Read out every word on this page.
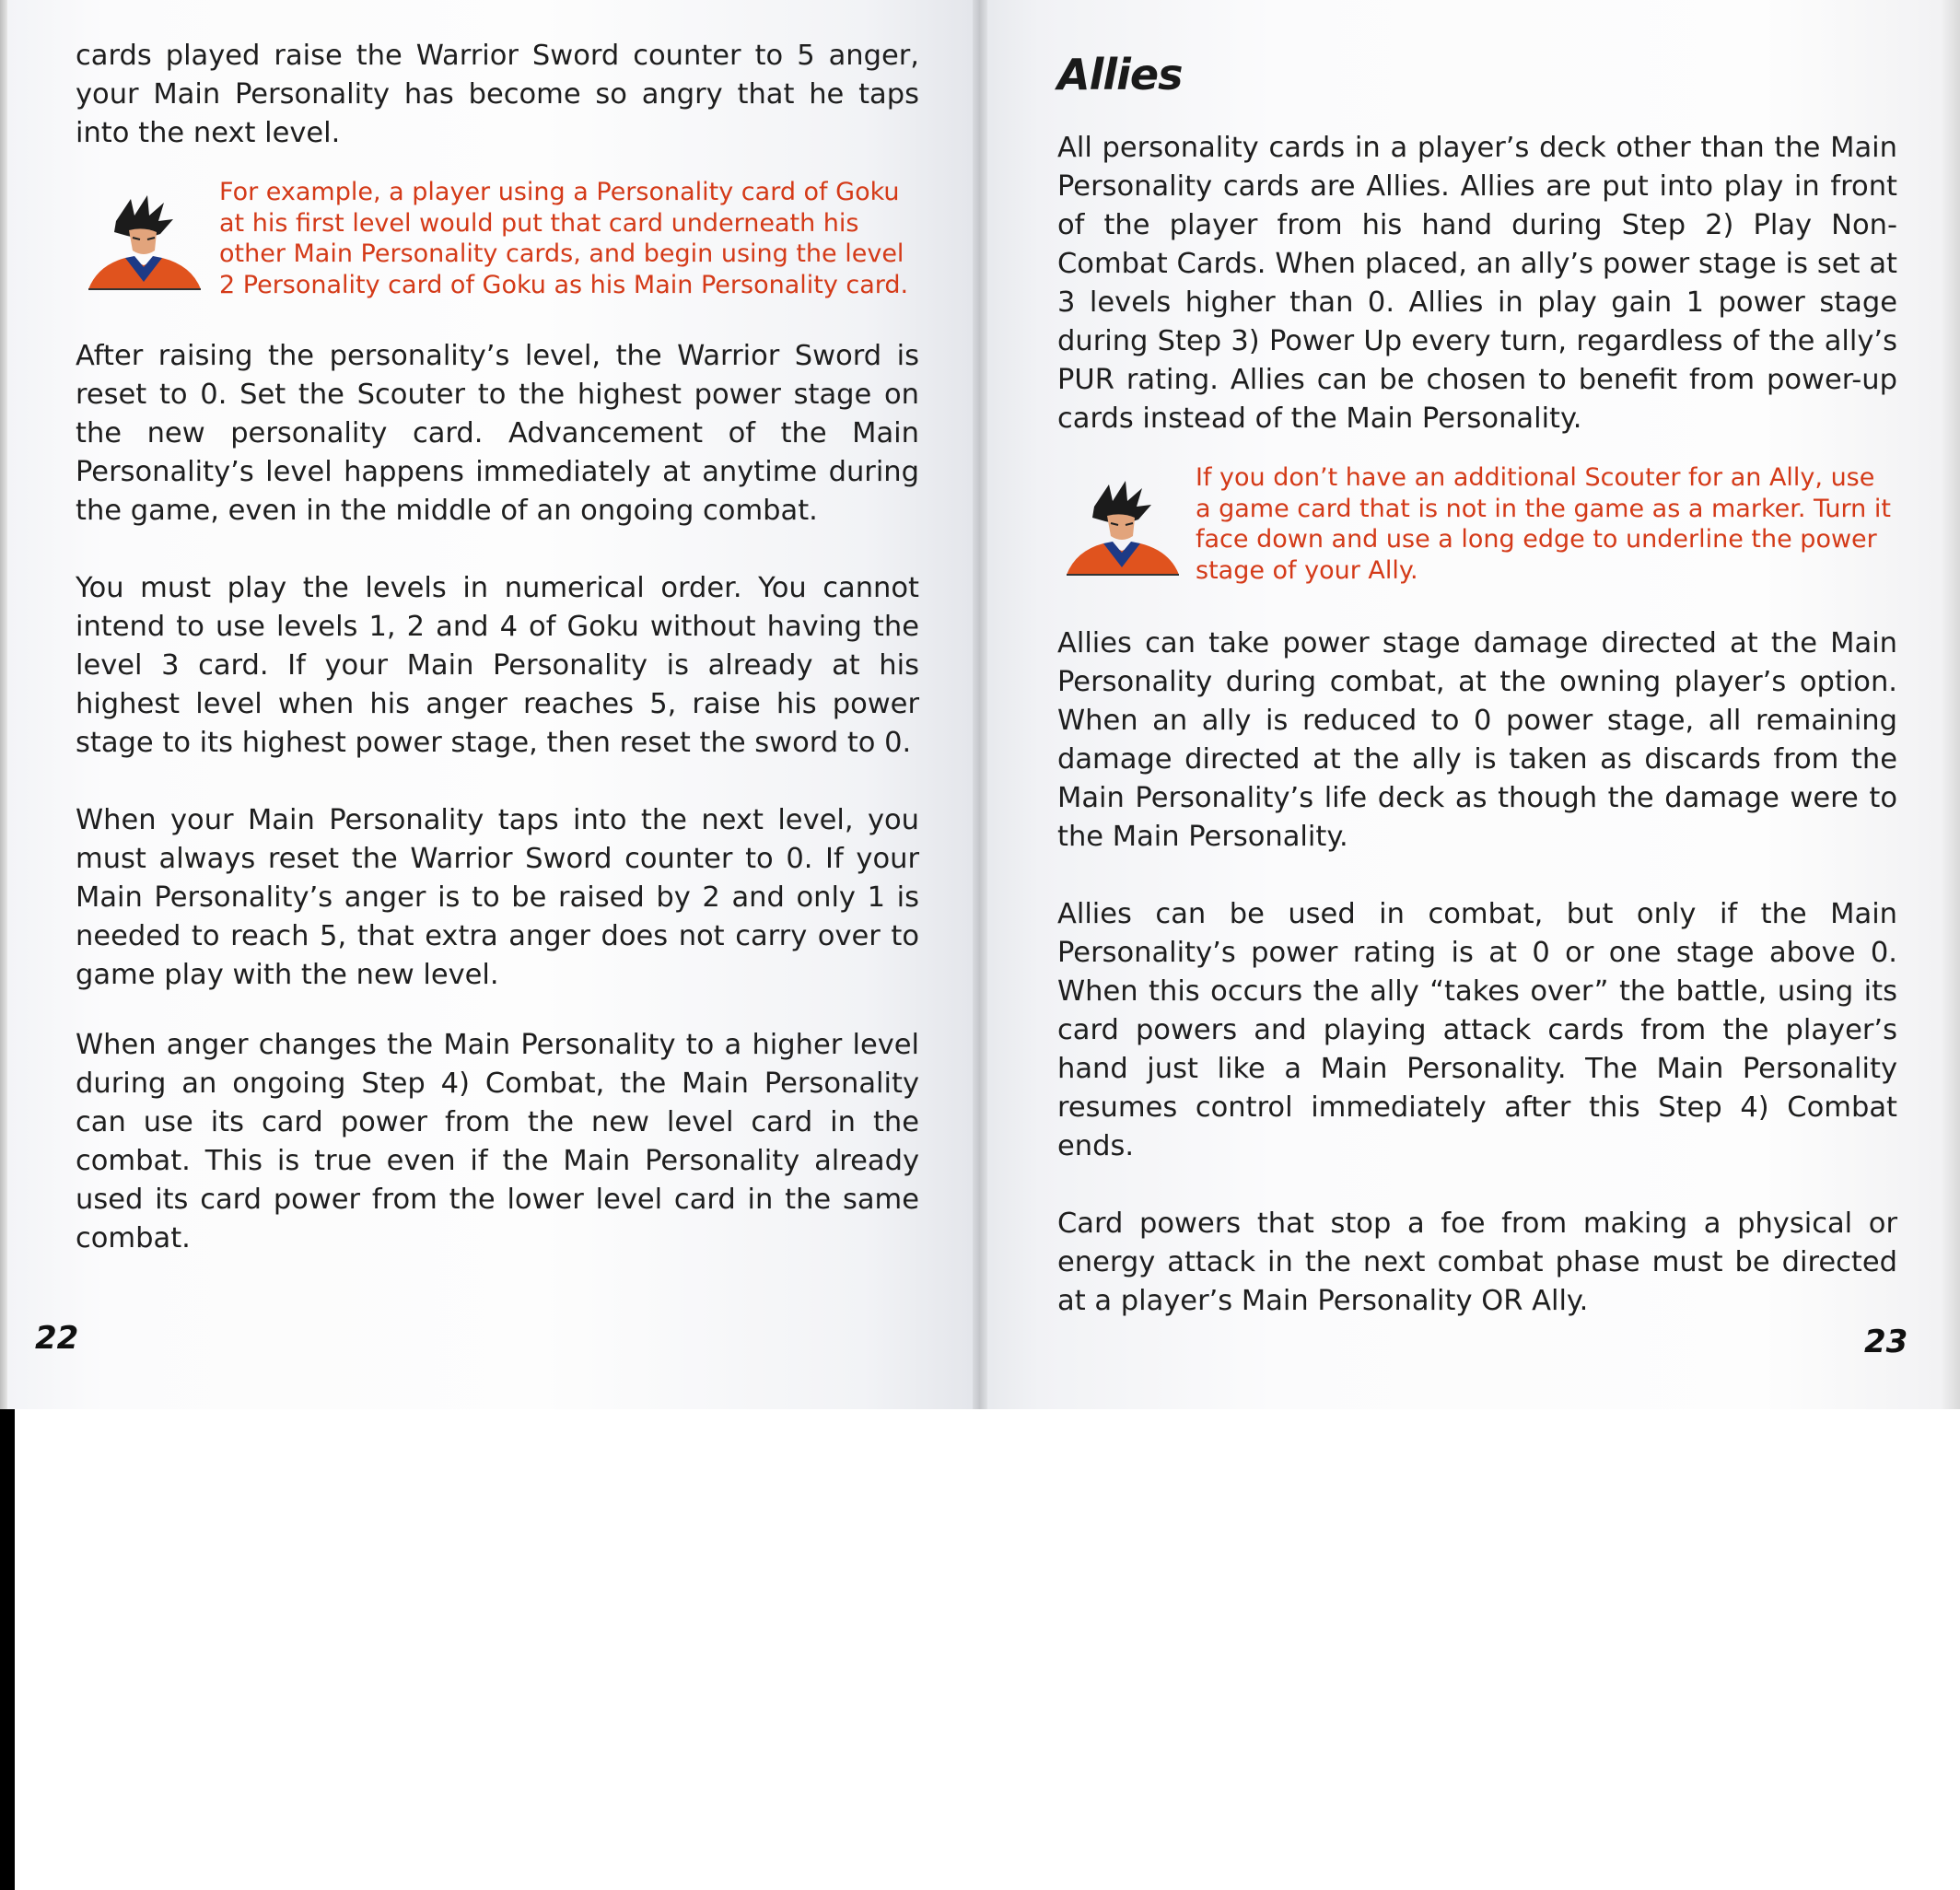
cards played raise the Warrior Sword counter to 5 anger, your Main Personality has become so angry that he taps into the next level.

For example, a player using a Personality card of Goku at his first level would put that card underneath his other Main Personality cards, and begin using the level 2 Personality card of Goku as his Main Personality card.

After raising the personality’s level, the Warrior Sword is reset to 0. Set the Scouter to the highest power stage on the new personality card. Advancement of the Main Personality’s level happens immediately at anytime during the game, even in the middle of an ongoing combat.

You must play the levels in numerical order. You cannot intend to use levels 1, 2 and 4 of Goku without having the level 3 card. If your Main Personality is already at his highest level when his anger reaches 5, raise his power stage to its highest power stage, then reset the sword to 0.

When your Main Personality taps into the next level, you must always reset the Warrior Sword counter to 0. If your Main Personality’s anger is to be raised by 2 and only 1 is needed to reach 5, that extra anger does not carry over to game play with the new level.

When anger changes the Main Personality to a higher level during an ongoing Step 4) Combat, the Main Personality can use its card power from the new level card in the combat. This is true even if the Main Personality already used its card power from the lower level card in the same combat.

22
Allies

All personality cards in a player’s deck other than the Main Personality cards are Allies. Allies are put into play in front of the player from his hand during Step 2) Play Non-Combat Cards. When placed, an ally’s power stage is set at 3 levels higher than 0. Allies in play gain 1 power stage during Step 3) Power Up every turn, regardless of the ally’s PUR rating. Allies can be chosen to benefit from power-up cards instead of the Main Personality.

If you don’t have an additional Scouter for an Ally, use a game card that is not in the game as a marker. Turn it face down and use a long edge to underline the power stage of your Ally.

Allies can take power stage damage directed at the Main Personality during combat, at the owning player’s option. When an ally is reduced to 0 power stage, all remaining damage directed at the ally is taken as discards from the Main Personality’s life deck as though the damage were to the Main Personality.

Allies can be used in combat, but only if the Main Personality’s power rating is at 0 or one stage above 0. When this occurs the ally “takes over” the battle, using its card powers and playing attack cards from the player’s hand just like a Main Personality. The Main Personality resumes control immediately after this Step 4) Combat ends.

Card powers that stop a foe from making a physical or energy attack in the next combat phase must be directed at a player’s Main Personality OR Ally.

23
